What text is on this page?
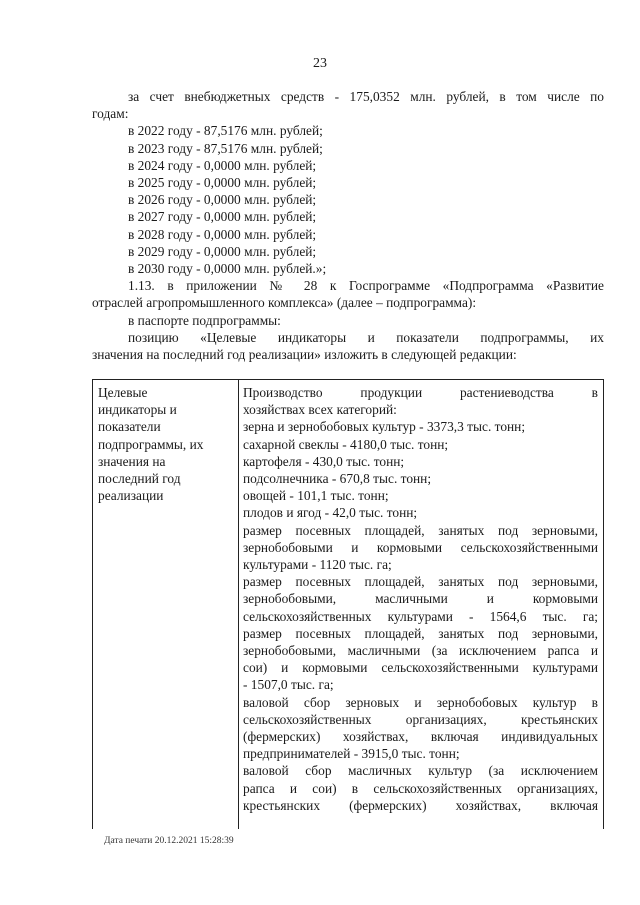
23

за счет внебюджетных средств - 175,0352 млн. рублей, в том числе по

годам:

в 2022 году - 87,5176 млн. рублей;

в 2023 году - 87,5176 млн. рублей;

в 2024 году - 0,0000 млн. рублей;

в 2025 году - 0,0000 млн. рублей;

в 2026 году - 0,0000 млн. рублей;

в 2027 году - 0,0000 млн. рублей;

в 2028 году - 0,0000 млн. рублей;

в 2029 году - 0,0000 млн. рублей;

в 2030 году - 0,0000 млн. рублей.»;

1.13. в приложении № 28 к Госпрограмме «Подпрограмма «Развитие

отраслей агропромышленного комплекса» (далее – подпрограмма):

в паспорте подпрограммы:

позицию «Целевые индикаторы и показатели подпрограммы, их

значения на последний год реализации» изложить в следующей редакции:

Целевые
индикаторы и
показатели
подпрограммы, их
значения на
последний год
реализации

Производство продукции растениеводства в

хозяйствах всех категорий:

зерна и зернобобовых культур - 3373,3 тыс. тонн;

сахарной свеклы - 4180,0 тыс. тонн;

картофеля - 430,0 тыс. тонн;

подсолнечника - 670,8 тыс. тонн;

овощей - 101,1 тыс. тонн;

плодов и ягод - 42,0 тыс. тонн;

размер посевных площадей, занятых под зерновыми,

зернобобовыми и кормовыми сельскохозяйственными

культурами - 1120 тыс. га;

размер посевных площадей, занятых под зерновыми,

зернобобовыми, масличными и кормовыми

сельскохозяйственных культурами - 1564,6 тыс. га;

размер посевных площадей, занятых под зерновыми,

зернобобовыми, масличными (за исключением рапса и

сои) и кормовыми сельскохозяйственными культурами

- 1507,0 тыс. га;

валовой сбор зерновых и зернобобовых культур в

сельскохозяйственных организациях, крестьянских

(фермерских) хозяйствах, включая индивидуальных

предпринимателей - 3915,0 тыс. тонн;

валовой сбор масличных культур (за исключением

рапса и сои) в сельскохозяйственных организациях,

крестьянских (фермерских) хозяйствах, включая

Дата печати 20.12.2021 15:28:39
